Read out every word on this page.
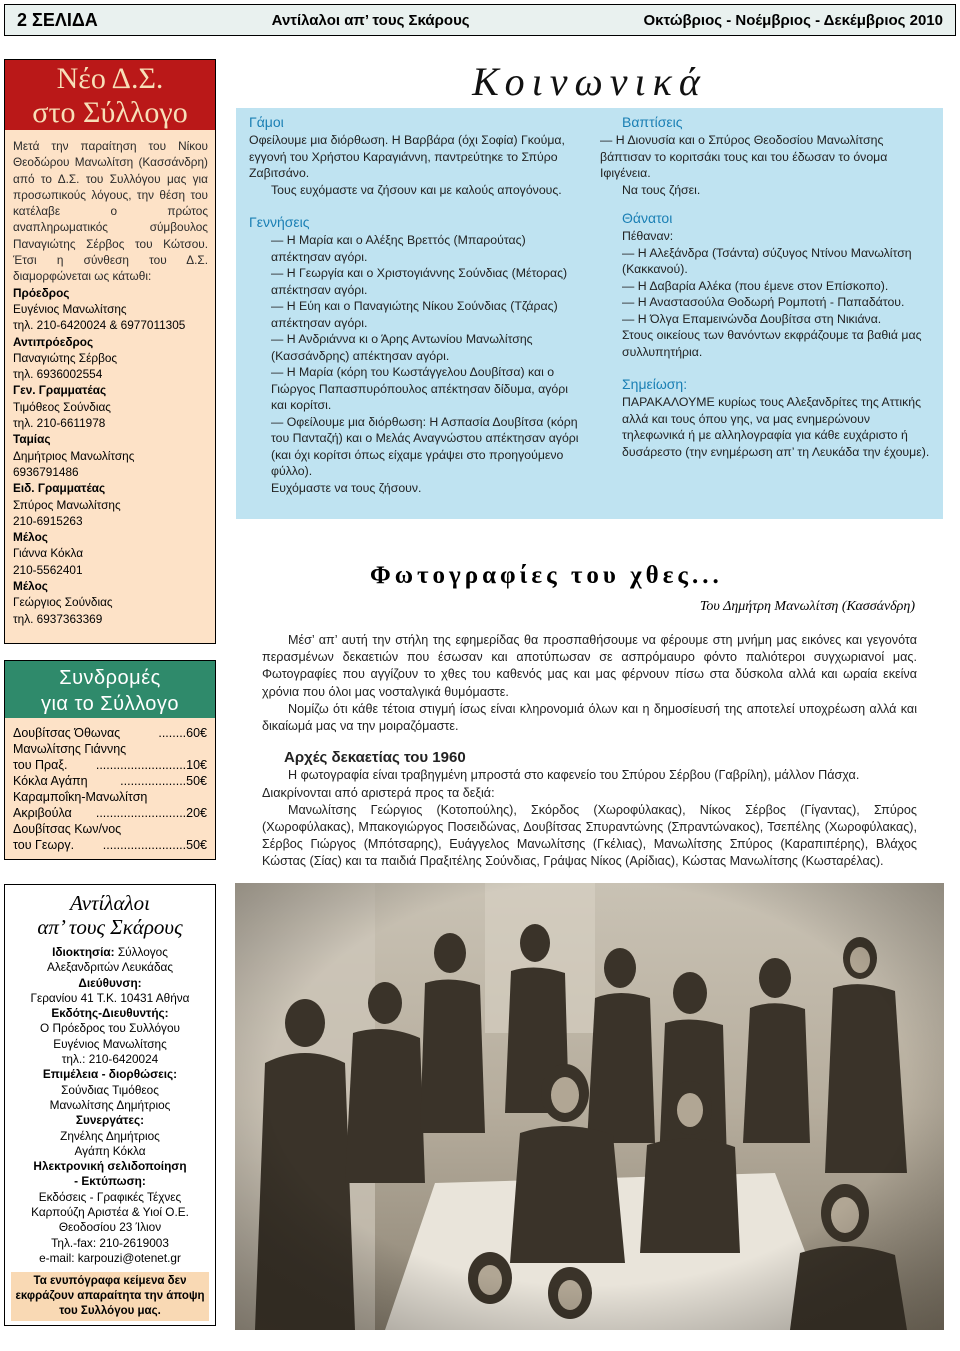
2 ΣΕΛΙΔΑ	Αντίλαλοι απ’ τους Σκάρους	Οκτώβριος - Νοέμβριος - Δεκέμβριος 2010
Νέο Δ.Σ.
στο Σύλλογο
Μετά την παραίτηση του Νίκου Θεοδώρου Μανωλίτση (Κασσάνδρη) από το Δ.Σ. του Συλλόγου μας για προσωπικούς λόγους, την θέση του κατέλαβε ο πρώτος αναπληρωματικός σύμβουλος Παναγιώτης Σέρβος του Κώτσου. Έτσι η σύνθεση του Δ.Σ. διαμορφώνεται ως κάτωθι:
Πρόεδρος
Ευγένιος Μανωλίτσης
τηλ. 210-6420024 & 6977011305
Αντιπρόεδρος
Παναγιώτης Σέρβος
τηλ. 6936002554
Γεν. Γραμματέας
Τιμόθεος Σούνδιας
τηλ. 210-6611978
Ταμίας
Δημήτριος Μανωλίτσης
6936791486
Ειδ. Γραμματέας
Σπύρος Μανωλίτσης
210-6915263
Μέλος
Γιάννα Κόκλα
210-5562401
Μέλος
Γεώργιος Σούνδιας
τηλ. 6937363369
Συνδρομές
για το Σύλλογο
Δουβίτσας Όθωνας	........60€
Μανωλίτσης Γιάννης
του Πραξ. ..........................10€
Κόκλα Αγάπη	...................50€
Καραμποΐκη-Μανωλίτση
Ακριβούλα ..........................20€
Δουβίτσας Κων/νος
του Γεωργ. ........................50€
Αντίλαλοι
απ’ τους Σκάρους
Ιδιοκτησία: Σύλλογος
Αλεξανδριτών Λευκάδας
Διεύθυνση:
Γερανίου 41 Τ.Κ. 10431 Αθήνα
Εκδότης-Διευθυντής:
Ο Πρόεδρος του Συλλόγου
Ευγένιος Μανωλίτσης
τηλ.: 210-6420024
Επιμέλεια - διορθώσεις:
Σούνδιας Τιμόθεος
Μανωλίτσης Δημήτριος
Συνεργάτες:
Ζηνέλης Δημήτριος
Αγάπη Κόκλα
Ηλεκτρονική σελιδοποίηση
- Εκτύπωση:
Εκδόσεις - Γραφικές Τέχνες
Καρπούζη Αριστέα & Υιοί Ο.Ε.
Θεοδοσίου 23 Ίλιον
Τηλ.-fax: 210-2619003
e-mail: karpouzi@otenet.gr
Τα ενυπόγραφα κείμενα δεν εκφράζουν απαραίτητα την άποψη του Συλλόγου μας.
Κοινωνικά
Γάμοι

Οφείλουμε μια διόρθωση. Η Βαρβάρα (όχι Σοφία) Γκούμα, εγγονή του Χρήστου Καραγιάννη, παντρεύτηκε το Σπύρο Ζαβιτσάνο.

Τους ευχόμαστε να ζήσουν και με καλούς απογόνους.

Γεννήσεις

— Η Μαρία και ο Αλέξης Βρεττός (Μπαρούτας) απέκτησαν αγόρι.

— Η Γεωργία και ο Χριστογιάννης Σούνδιας (Μέτορας) απέκτησαν αγόρι.

— Η Εύη και ο Παναγιώτης Νίκου Σούνδιας (Τζάρας) απέκτησαν αγόρι.

— Η Ανδριάννα κι ο Άρης Αντωνίου Μανωλίτσης (Κασσάνδρης) απέκτησαν αγόρι.

— Η Μαρία (κόρη του Κωστάγγελου Δουβίτσα) και ο Γιώργος Παπασπυρόπουλος απέκτησαν δίδυμα, αγόρι και κορίτσι.

— Οφείλουμε μια διόρθωση: Η Ασπασία Δουβίτσα (κόρη του Πανταζή) και ο Μελάς Αναγνώστου απέκτησαν αγόρι (και όχι κορίτσι όπως είχαμε γράψει στο προηγούμενο φύλλο).

Ευχόμαστε να τους ζήσουν.

Βαπτίσεις

— Η Διονυσία και ο Σπύρος Θεοδοσίου Μανωλίτσης βάπτισαν το κοριτσάκι τους και του έδωσαν το όνομα Ιφιγένεια.

Να τους ζήσει.

Θάνατοι

Πέθαναν:

— Η Αλεξάνδρα (Τσάντα) σύζυγος Ντίνου Μανωλίτση (Κακκανού).

— Η Δαβαρία Αλέκα (που έμενε στον Επίσκοπο).

— Η Αναστασούλα Θοδωρή Ρομποτή - Παπαδάτου.

— Η Όλγα Επαμεινώνδα Δουβίτσα στη Νικιάνα.

Στους οικείους των θανόντων εκφράζουμε τα βαθιά μας συλλυπητήρια.

Σημείωση:

ΠΑΡΑΚΑΛΟΥΜΕ κυρίως τους Αλεξανδρίτες της Αττικής αλλά και τους όπου γης, να μας ενημερώνουν τηλεφωνικά ή με αλληλογραφία για κάθε ευχάριστο ή δυσάρεστο (την ενημέρωση απ’ τη Λευκάδα την έχουμε).

Φωτογραφίες του χθες...
Του Δημήτρη Μανωλίτση (Κασσάνδρη)

Μέσ’ απ’ αυτή την στήλη της εφημερίδας θα προσπαθήσουμε να φέρουμε στη μνήμη μας εικόνες και γεγονότα περασμένων δεκαετιών που έσωσαν και αποτύπωσαν σε ασπρόμαυρο φόντο παλιότεροι συγχωριανοί μας. Φωτογραφίες που αγγίζουν το χθες του καθενός μας και μας φέρνουν πίσω στα δύσκολα αλλά και ωραία εκείνα χρόνια που όλοι μας νοσταλγικά θυμόμαστε.

Νομίζω ότι κάθε τέτοια στιγμή ίσως είναι κληρονομιά όλων και η δημοσίευσή της αποτελεί υποχρέωση αλλά και δικαίωμά μας να την μοιραζόμαστε.

Αρχές δεκαετίας του 1960

Η φωτογραφία είναι τραβηγμένη μπροστά στο καφενείο του Σπύρου Σέρβου (Γαβρίλη), μάλλον Πάσχα.

Διακρίνονται από αριστερά προς τα δεξιά:

Μανωλίτσης Γεώργιος (Κοτοπούλης), Σκόρδος (Χωροφύλακας), Νίκος Σέρβος (Γίγαντας), Σπύρος (Χωροφύλακας), Μπακογιώργος Ποσειδώνας, Δουβίτσας Σπυραντώνης (Σπραντώνακος), Τσεπέλης (Χωροφύλακας), Σέρβος Γιώργος (Μπότσαρης), Ευάγγελος Μανωλίτσης (Γκέλιας), Μανωλίτσης Σπύρος (Καραπιπέρης), Βλάχος Κώστας (Σίας) και τα παιδιά Πραξιτέλης Σούνδιας, Γράψας Νίκος (Αρίδιας), Κώστας Μανωλίτσης (Κωσταρέλας).
